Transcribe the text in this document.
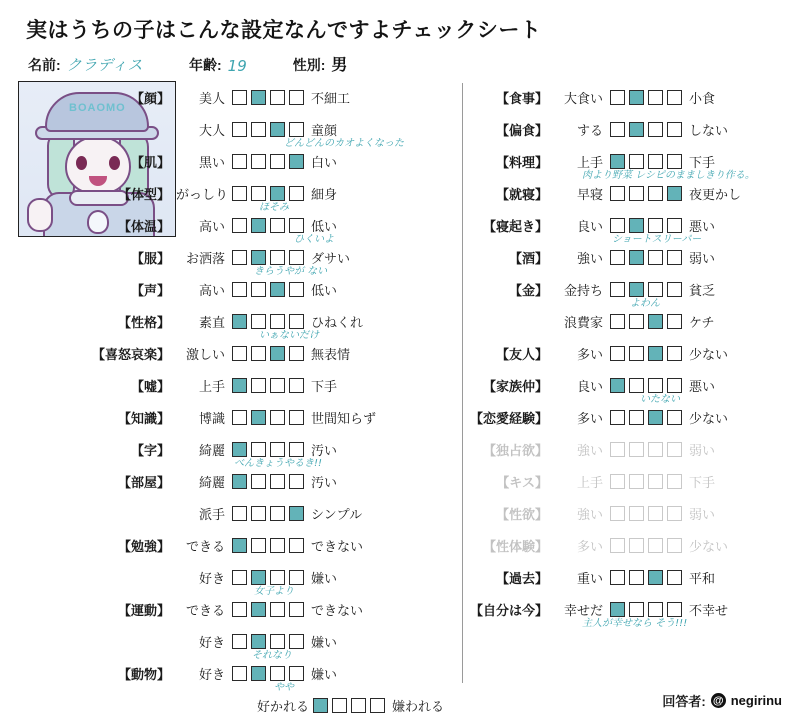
実はうちの子はこんな設定なんですよチェックシート
名前: クラディス	年齢: 19	性別: 男
BOAOMO
【顔】	美人	不細工
大人	童顔
どんどんのカオよくなった
【肌】	黒い	白い
【体型】 がっしり	細身
ほそみ
【体温】	高い	低い
ひくいよ
【服】	お洒落	ダサい
きらうやが ない
【声】	高い	低い
【性格】	素直	ひねくれ
いぁないだけ
【喜怒哀楽】	激しい	無表情
【嘘】	上手	下手
【知識】	博識	世間知らず
【字】	綺麗	汚い
べんきょうやるき!!
【部屋】	綺麗	汚い
派手	シンプル
【勉強】	できる	できない
好き	嫌い
女子より
【運動】	できる	できない
好き	嫌い
それなり
【動物】	好き	嫌い
やや
好かれる	嫌われる
【食事】	大食い	小食
【偏食】	する	しない
【料理】	上手	下手
肉より野菜 レシピのまましきり作る。
【就寝】	早寝	夜更かし
【寝起き】	良い	悪い
ショートスリーパー
【酒】	強い	弱い
【金】	金持ち	貧乏
よわん
浪費家	ケチ
【友人】	多い	少ない
【家族仲】	良い	悪い
いたない
【恋愛経験】	多い	少ない
【独占欲】	強い	弱い
【キス】	上手	下手
【性欲】	強い	弱い
【性体験】	多い	少ない
【過去】	重い	平和
【自分は今】	幸せだ	不幸せ
主人が幸せなら そう!!!
回答者: @ negirinu
